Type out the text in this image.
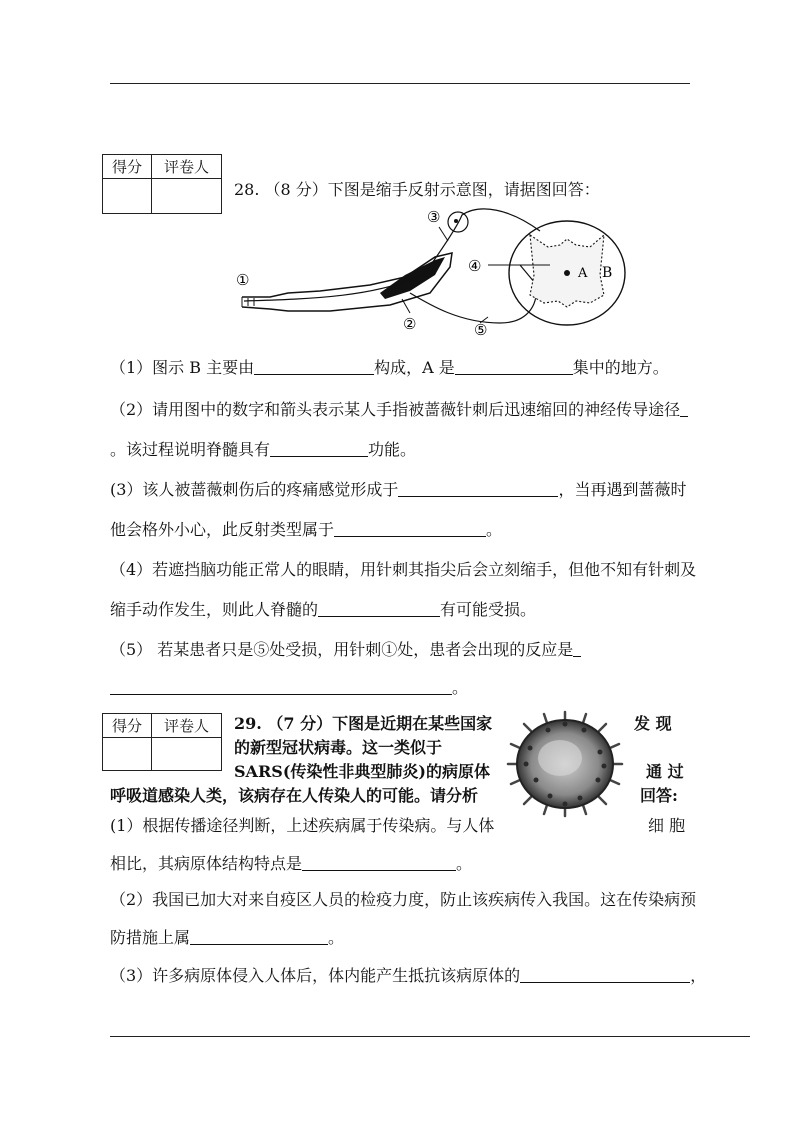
得分	评卷人

28. （8 分）下图是缩手反射示意图，请据图回答：
①
②
③
④
⑤
A B
（1）图示 B 主要由	构成，A 是	集中的地方。
（2）请用图中的数字和箭头表示某人手指被蔷薇针刺后迅速缩回的神经传导途径
。该过程说明脊髓具有	功能。
(3）该人被蔷薇刺伤后的疼痛感觉形成于	，当再遇到蔷薇时
他会格外小心，此反射类型属于	。
（4）若遮挡脑功能正常人的眼睛，用针刺其指尖后会立刻缩手，但他不知有针刺及
缩手动作发生，则此人脊髓的	有可能受损。
（5） 若某患者只是⑤处受损，用针刺①处，患者会出现的反应是
。
得分	评卷人
	29. （7 分）下图是近期在某些国家	发 现
的新型冠状病毒。这一类似于
SARS(传染性非典型肺炎)的病原体	通 过
呼吸道感染人类，该病存在人传染人的可能。请分析	回答:
(1）根据传播途径判断，上述疾病属于传染病。与人体	细 胞
相比，其病原体结构特点是	。
（2）我国已加大对来自疫区人员的检疫力度，防止该疾病传入我国。这在传染病预
防措施上属	。
（3）许多病原体侵入人体后，体内能产生抵抗该病原体的	，
